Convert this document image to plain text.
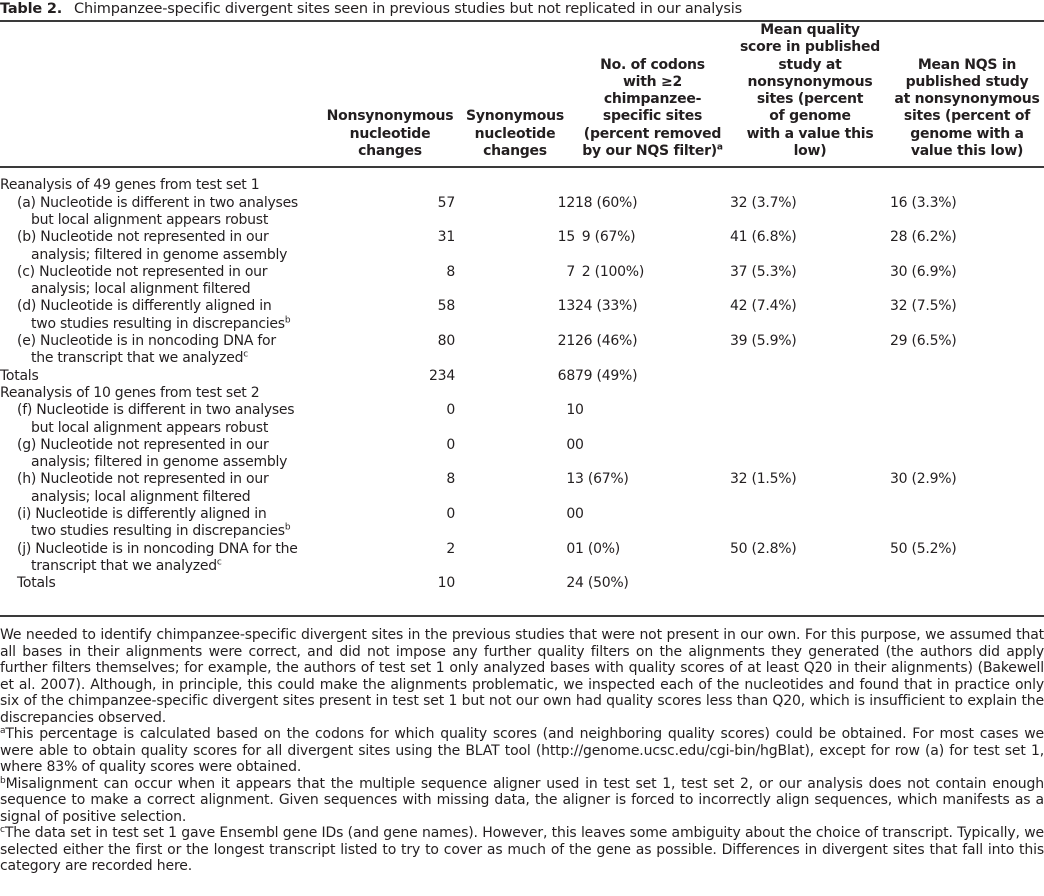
Table 2. Chimpanzee-specific divergent sites seen in previous studies but not replicated in our analysis
	Nonsynonymous
nucleotide
changes	Synonymous
nucleotide
changes	No. of codons
with ≥2
chimpanzee-
specific sites
(percent removed
by our NQS filter)$^a$	Mean quality
score in published
study at
nonsynonymous
sites (percent
of genome
with a value this low)	Mean NQS in
published study
at nonsynonymous
sites (percent of
genome with a
value this low)

Reanalysis of 49 genes from test set 1					
(a) Nucleotide is different in two analyses
but local alignment appears robust	57	12	18 (60%)	32 (3.7%)	16 (3.3%)
(b) Nucleotide not represented in our
analysis; filtered in genome assembly	31	15	 9 (67%)	41 (6.8%)	28 (6.2%)
(c) Nucleotide not represented in our
analysis; local alignment filtered	8	7	 2 (100%)	37 (5.3%)	30 (6.9%)
(d) Nucleotide is differently aligned in
two studies resulting in discrepancies$^b$	58	13	24 (33%)	42 (7.4%)	32 (7.5%)
(e) Nucleotide is in noncoding DNA for
the transcript that we analyzed$^c$	80	21	26 (46%)	39 (5.9%)	29 (6.5%)
Totals	234	68	79 (49%)		
Reanalysis of 10 genes from test set 2					
(f) Nucleotide is different in two analyses
but local alignment appears robust	0	1	0		
(g) Nucleotide not represented in our
analysis; filtered in genome assembly	0	0	0		
(h) Nucleotide not represented in our
analysis; local alignment filtered	8	1	3 (67%)	32 (1.5%)	30 (2.9%)
(i) Nucleotide is differently aligned in
two studies resulting in discrepancies$^b$	0	0	0		
(j) Nucleotide is in noncoding DNA for the
transcript that we analyzed$^c$	2	0	1 (0%)	50 (2.8%)	50 (5.2%)
Totals	10	2	4 (50%)		

We needed to identify chimpanzee-specific divergent sites in the previous studies that were not present in our own. For this purpose, we assumed that all bases in their alignments were correct, and did not impose any further quality filters on the alignments they generated (the authors did apply further filters themselves; for example, the authors of test set 1 only analyzed bases with quality scores of at least Q20 in their alignments) (Bakewell et al. 2007). Although, in principle, this could make the alignments problematic, we inspected each of the nucleotides and found that in practice only six of the chimpanzee-specific divergent sites present in test set 1 but not our own had quality scores less than Q20, which is insufficient to explain the discrepancies observed.

$^a$This percentage is calculated based on the codons for which quality scores (and neighboring quality scores) could be obtained. For most cases we were able to obtain quality scores for all divergent sites using the BLAT tool (http://genome.ucsc.edu/cgi-bin/hgBlat), except for row (a) for test set 1, where 83% of quality scores were obtained.

$^b$Misalignment can occur when it appears that the multiple sequence aligner used in test set 1, test set 2, or our analysis does not contain enough sequence to make a correct alignment. Given sequences with missing data, the aligner is forced to incorrectly align sequences, which manifests as a signal of positive selection.

$^c$The data set in test set 1 gave Ensembl gene IDs (and gene names). However, this leaves some ambiguity about the choice of transcript. Typically, we selected either the first or the longest transcript listed to try to cover as much of the gene as possible. Differences in divergent sites that fall into this category are recorded here.
